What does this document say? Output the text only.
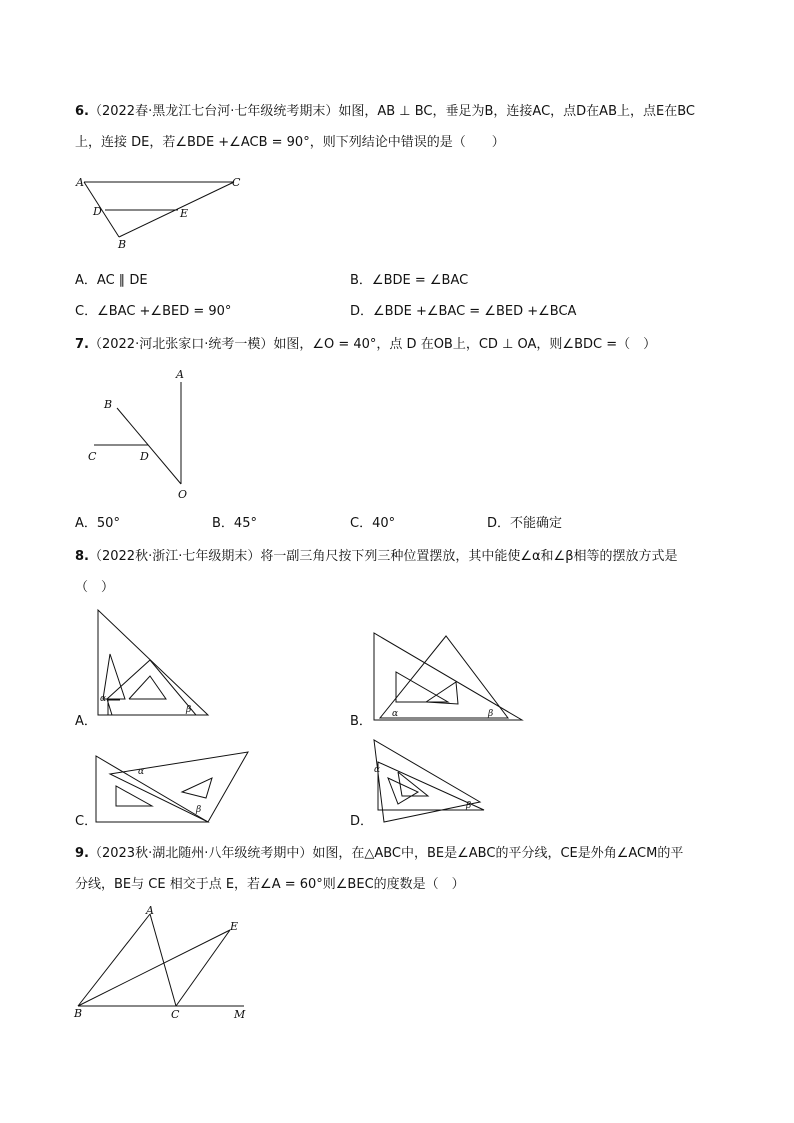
6.（2022春·黑龙江七台河·七年级统考期末）如图，AB ⊥ BC，垂足为B，连接AC，点D在AB上，点E在BC
上，连接 DE，若∠BDE +∠ACB = 90°，则下列结论中错误的是（　　）
A	C
D	E
B
A．AC ∥ DE	B．∠BDE = ∠BAC
C．∠BAC +∠BED = 90°	D．∠BDE +∠BAC = ∠BED +∠BCA
7.（2022·河北张家口·统考一模）如图，∠O = 40°，点 D 在OB上，CD ⊥ OA，则∠BDC =（　）
A
B
C	D
O
A．50°	B．45°	C．40°	D．不能确定
8.（2022秋·浙江·七年级期末）将一副三角尺按下列三种位置摆放，其中能使∠α和∠β相等的摆放方式是
（　）
α
β
A．	α	β
B．
α
β
C．
α
β
D．
9.（2023秋·湖北随州·八年级统考期中）如图，在△ABC中，BE是∠ABC的平分线，CE是外角∠ACM的平
分线，BE与 CE 相交于点 E，若∠A = 60°则∠BEC的度数是（　）
A
E
B	C	M
